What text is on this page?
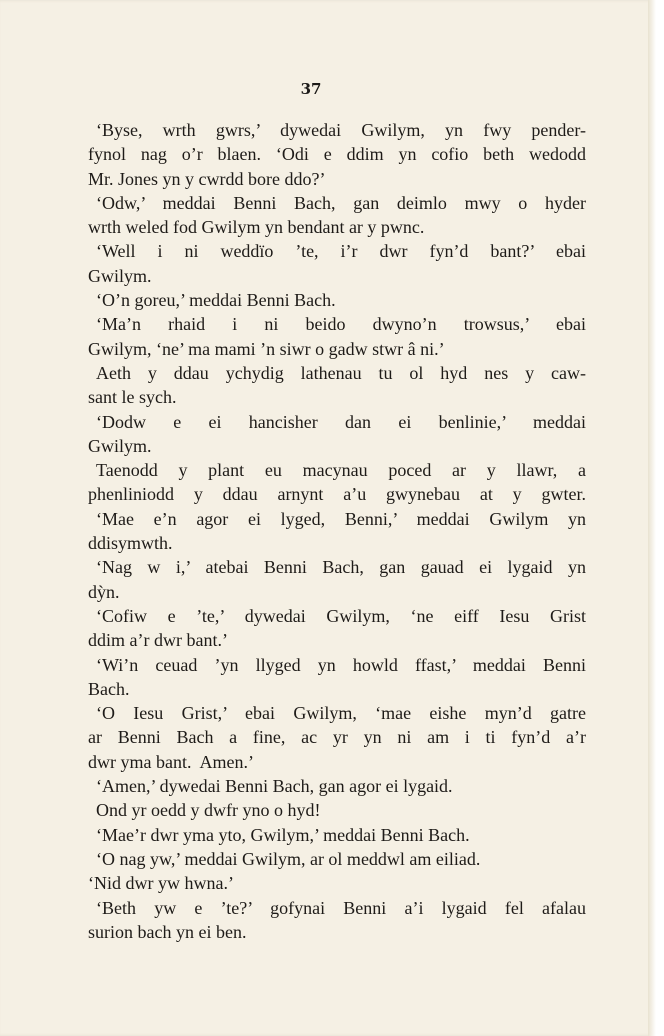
37
‘Byse, wrth gwrs,’ dywedai Gwilym, yn fwy pender-
fynol nag o’r blaen. ‘Odi e ddim yn cofio beth wedodd
Mr. Jones yn y cwrdd bore ddo?’
‘Odw,’ meddai Benni Bach, gan deimlo mwy o hyder
wrth weled fod Gwilym yn bendant ar y pwnc.
‘Well i ni weddïo ’te, i’r dwr fyn’d bant?’ ebai
Gwilym.
‘O’n goreu,’ meddai Benni Bach.
‘Ma’n rhaid i ni beido dwyno’n trowsus,’ ebai
Gwilym, ‘ne’ ma mami ’n siwr o gadw stwr â ni.’
Aeth y ddau ychydig lathenau tu ol hyd nes y caw-
sant le sych.
‘Dodw e ei hancisher dan ei benlinie,’ meddai
Gwilym.
Taenodd y plant eu macynau poced ar y llawr, a
phenliniodd y ddau arnynt a’u gwynebau at y gwter.
‘Mae e’n agor ei lyged, Benni,’ meddai Gwilym yn
ddisymwth.
‘Nag w i,’ atebai Benni Bach, gan gauad ei lygaid yn
dỳn.
‘Cofiw e ’te,’ dywedai Gwilym, ‘ne eiff Iesu Grist
ddim a’r dwr bant.’
‘Wi’n ceuad ’yn llyged yn howld ffast,’ meddai Benni
Bach.
‘O Iesu Grist,’ ebai Gwilym, ‘mae eishe myn’d gatre
ar Benni Bach a fine, ac yr yn ni am i ti fyn’d a’r
dwr yma bant.  Amen.’
‘Amen,’ dywedai Benni Bach, gan agor ei lygaid.
Ond yr oedd y dwfr yno o hyd!
‘Mae’r dwr yma yto, Gwilym,’ meddai Benni Bach.
‘O nag yw,’ meddai Gwilym, ar ol meddwl am eiliad.
‘Nid dwr yw hwna.’
‘Beth yw e ’te?’ gofynai Benni a’i lygaid fel afalau
surion bach yn ei ben.
